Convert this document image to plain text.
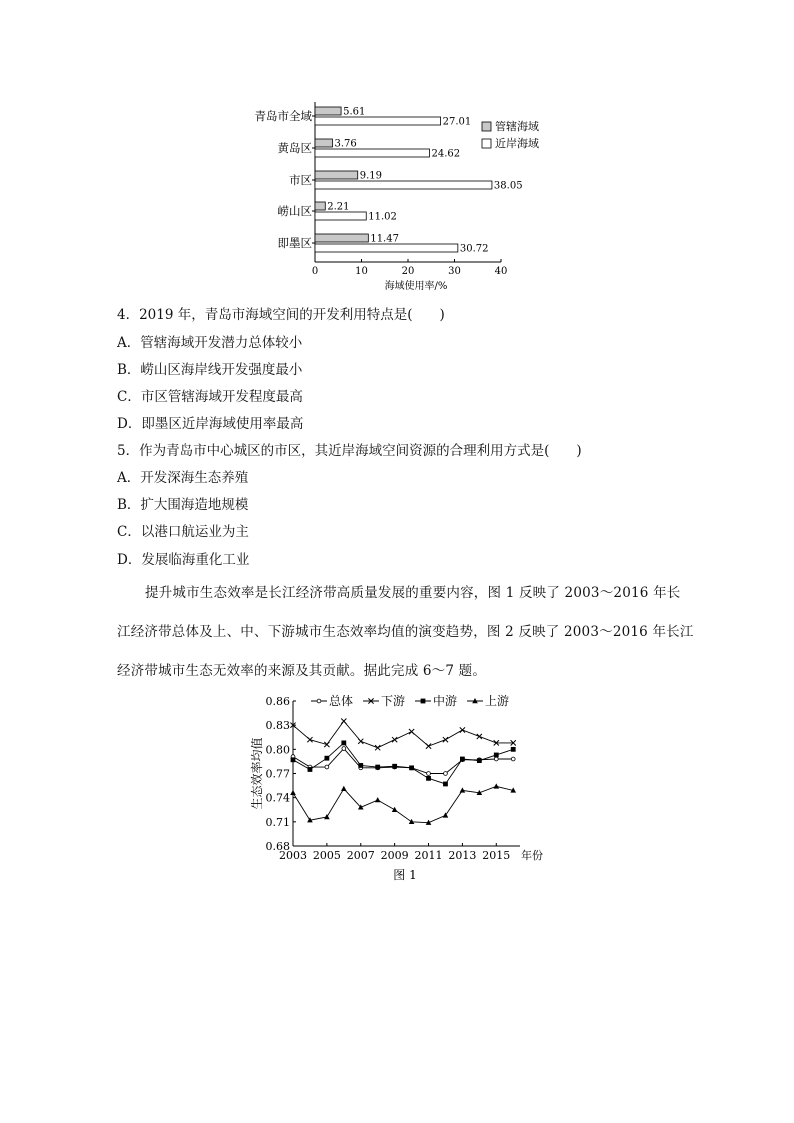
0	10	20	30	40
海域使用率/%
青岛市全域	5.61
27.01
黄岛区 3.76
24.62
市区	9.19
38.05
崂山区 2.21
11.02
即墨区	11.47
30.72
管辖海域
近岸海域
4．2019 年，青岛市海域空间的开发利用特点是(　　)
A．管辖海域开发潜力总体较小
B．崂山区海岸线开发强度最小
C．市区管辖海域开发程度最高
D．即墨区近岸海域使用率最高
5．作为青岛市中心城区的市区，其近岸海域空间资源的合理利用方式是(　　)
A．开发深海生态养殖
B．扩大围海造地规模
C．以港口航运业为主
D．发展临海重化工业
提升城市生态效率是长江经济带高质量发展的重要内容，图 1 反映了 2003～2016 年长
江经济带总体及上、中、下游城市生态效率均值的演变趋势，图 2 反映了 2003～2016 年长江
经济带城市生态无效率的来源及其贡献。据此完成 6～7 题。
0.86
0.83
0.80
0.77
0.74
0.71
0.68
2003 2005 2007 2009 2011 2013 2015 年份
生态效率均值
图 1
总体 下游 中游 上游
